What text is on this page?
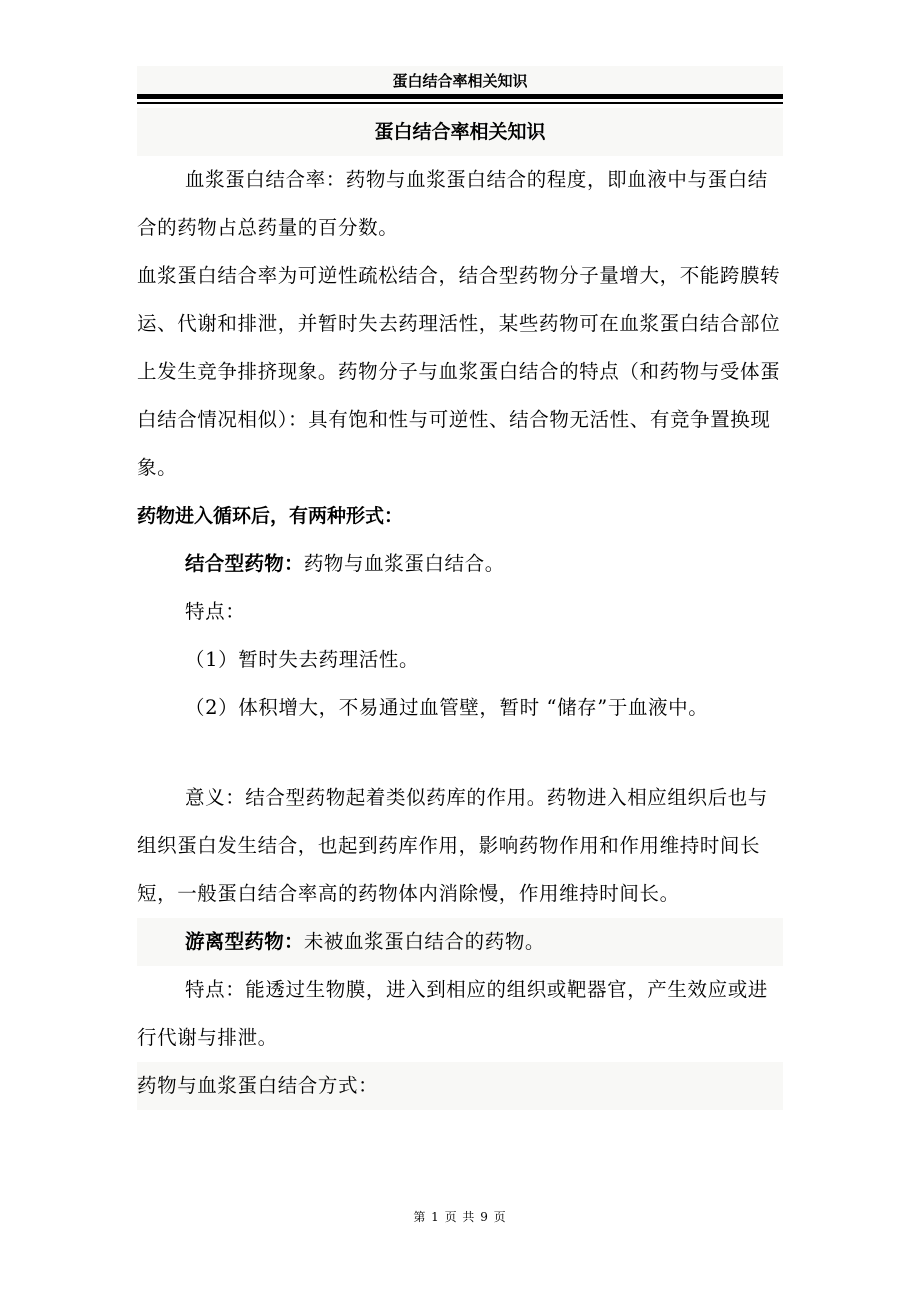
蛋白结合率相关知识
蛋白结合率相关知识

血浆蛋白结合率：药物与血浆蛋白结合的程度，即血液中与蛋白结合的药物占总药量的百分数。

血浆蛋白结合率为可逆性疏松结合，结合型药物分子量增大，不能跨膜转运、代谢和排泄，并暂时失去药理活性，某些药物可在血浆蛋白结合部位上发生竞争排挤现象。药物分子与血浆蛋白结合的特点（和药物与受体蛋白结合情况相似）：具有饱和性与可逆性、结合物无活性、有竞争置换现象。

药物进入循环后，有两种形式：

结合型药物：药物与血浆蛋白结合。

特点：

（1）暂时失去药理活性。
（2）体积增大，不易通过血管壁，暂时 “储存”于血液中。

意义：结合型药物起着类似药库的作用。药物进入相应组织后也与组织蛋白发生结合，也起到药库作用，影响药物作用和作用维持时间长短，一般蛋白结合率高的药物体内消除慢，作用维持时间长。

游离型药物：未被血浆蛋白结合的药物。

特点：能透过生物膜，进入到相应的组织或靶器官，产生效应或进行代谢与排泄。

药物与血浆蛋白结合方式：

第 1 页 共 9 页
